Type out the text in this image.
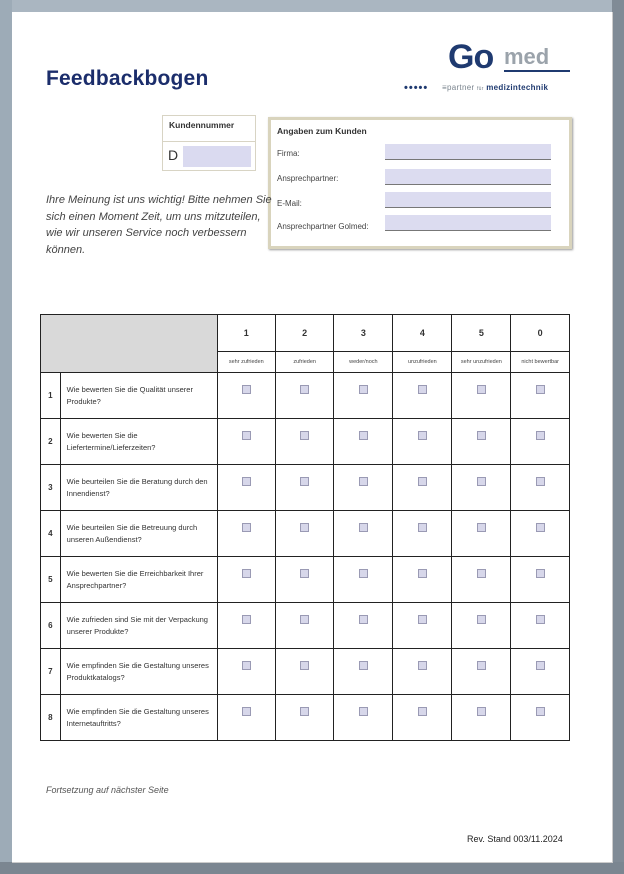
Feedbackbogen
Go med
••••• ≡partner für medizintechnik
Kundennummer
D
Angaben zum Kunden
Firma:
Ansprechpartner:
E-Mail:
Ansprechpartner Golmed:
Ihre Meinung ist uns wichtig! Bitte nehmen Sie sich einen Moment Zeit, um uns mitzuteilen, wie wir unseren Service noch verbessern können.
		1	2	3	4	5	0
		sehr zufrieden	zufrieden	weder/noch	unzufrieden	sehr unzufrieden	nicht bewertbar
1	Wie bewerten Sie die Qualität unserer Produkte?						
2	Wie bewerten Sie die Liefertermine/Lieferzeiten?						
3	Wie beurteilen Sie die Beratung durch den Innendienst?						
4	Wie beurteilen Sie die Betreuung durch unseren Außendienst?						
5	Wie bewerten Sie die Erreichbarkeit Ihrer Ansprechpartner?						
6	Wie zufrieden sind Sie mit der Verpackung unserer Produkte?						
7	Wie empfinden Sie die Gestaltung unseres Produktkatalogs?						
8	Wie empfinden Sie die Gestaltung unseres Internetauftritts?						
Fortsetzung auf nächster Seite
Rev. Stand 003/11.2024
